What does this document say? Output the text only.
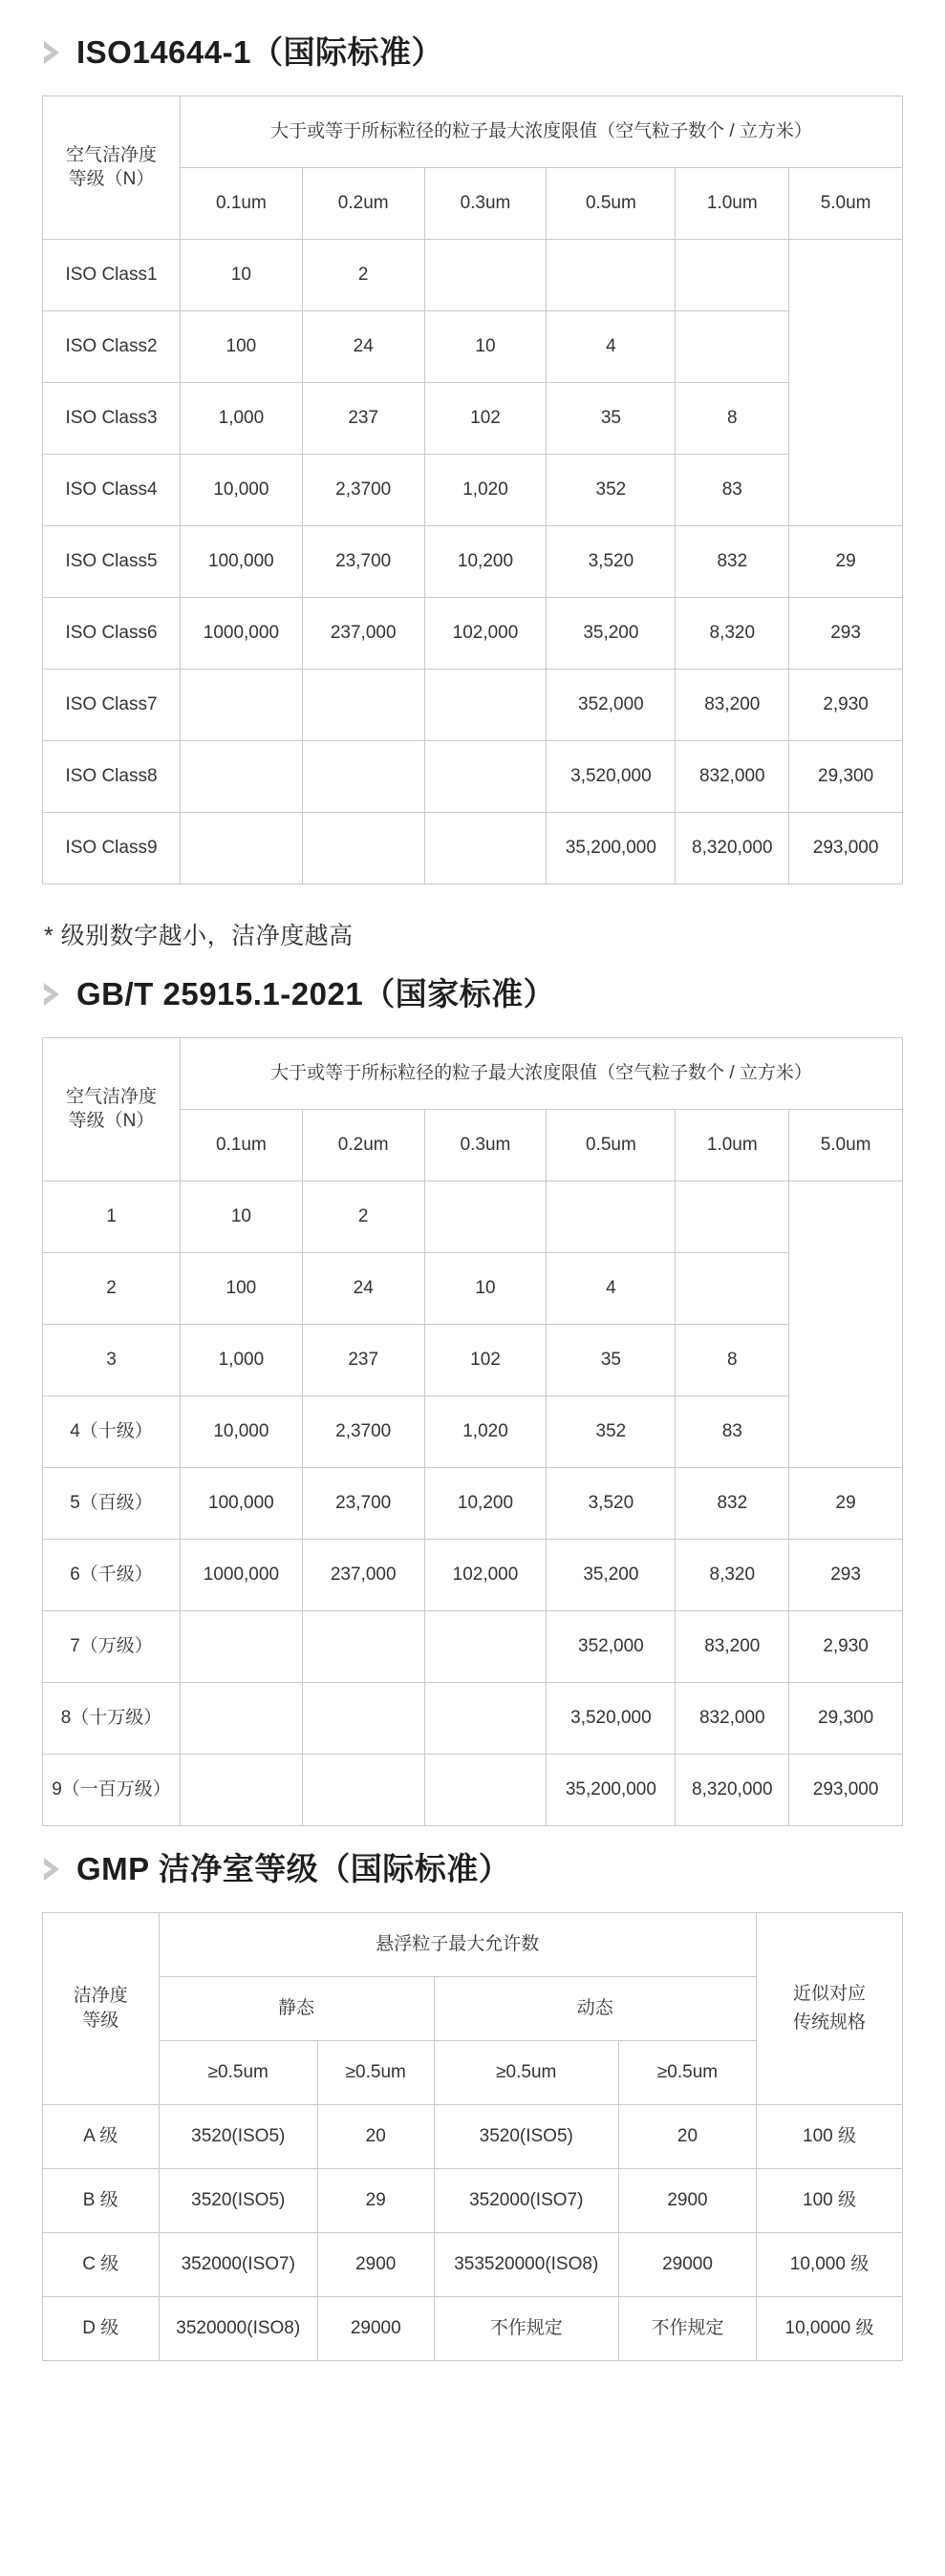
ISO14644-1（国际标准）
空气洁净度
等级（N）	大于或等于所标粒径的粒子最大浓度限值（空气粒子数个 / 立方米）					
	0.1um	0.2um	0.3um	0.5um	1.0um	5.0um
ISO Class1	10	2				
ISO Class2	100	24	10	4		
ISO Class3	1,000	237	102	35	8	
ISO Class4	10,000	2,3700	1,020	352	83	
ISO Class5	100,000	23,700	10,200	3,520	832	29
ISO Class6	1000,000	237,000	102,000	35,200	8,320	293
ISO Class7				352,000	83,200	2,930
ISO Class8				3,520,000	832,000	29,300
ISO Class9				35,200,000	8,320,000	293,000
* 级别数字越小，洁净度越高
GB/T 25915.1-2021（国家标准）
空气洁净度
等级（N）	大于或等于所标粒径的粒子最大浓度限值（空气粒子数个 / 立方米）					
	0.1um	0.2um	0.3um	0.5um	1.0um	5.0um
1	10	2				
2	100	24	10	4		
3	1,000	237	102	35	8	
4（十级）	10,000	2,3700	1,020	352	83	
5（百级）	100,000	23,700	10,200	3,520	832	29
6（千级）	1000,000	237,000	102,000	35,200	8,320	293
7（万级）				352,000	83,200	2,930
8（十万级）				3,520,000	832,000	29,300
9（一百万级）				35,200,000	8,320,000	293,000
GMP 洁净室等级（国际标准）
洁净度
等级
	悬浮粒子最大允许数	
近似对应
传统规格

	静态		动态		
	≥0.5um	≥0.5um	≥0.5um	≥0.5um	
A 级	3520(ISO5)	20	3520(ISO5)	20	100 级
B 级	3520(ISO5)	29	352000(ISO7)	2900	100 级
C 级	352000(ISO7)	2900	353520000(ISO8)	29000	10,000 级
D 级	3520000(ISO8)	29000	不作规定	不作规定	10,0000 级
